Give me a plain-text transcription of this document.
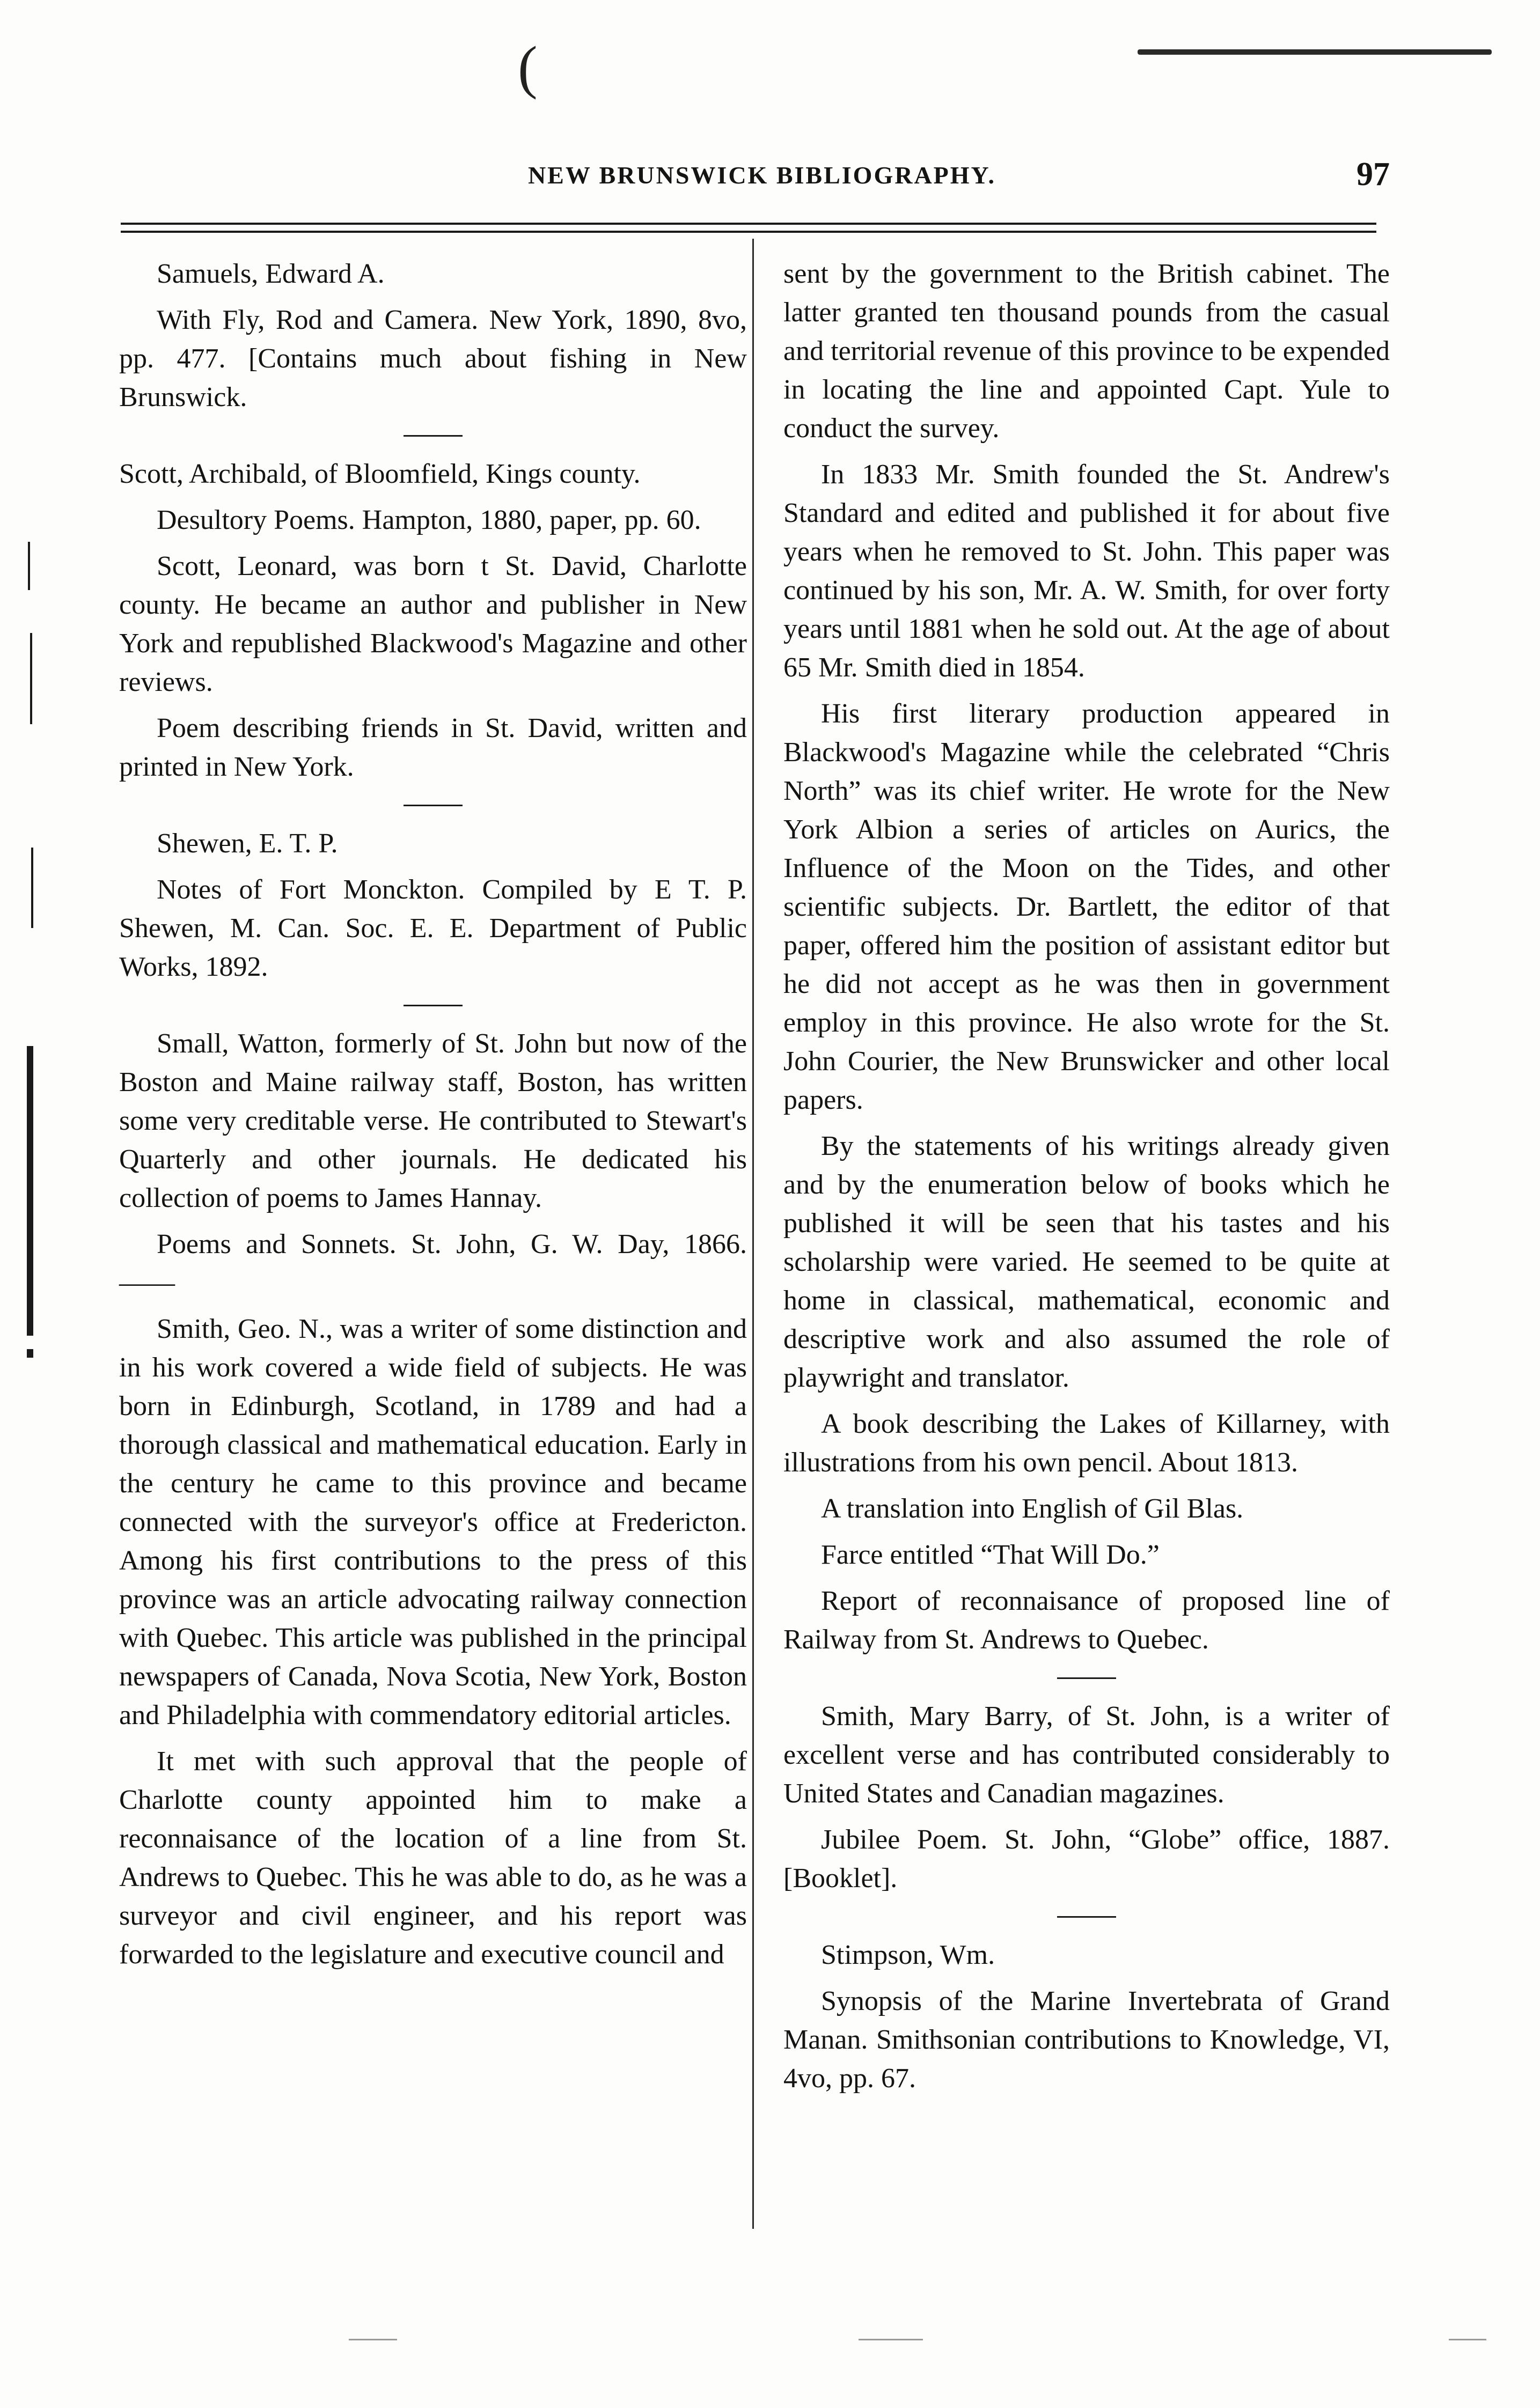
(
NEW BRUNSWICK BIBLIOGRAPHY.	97

Samuels, Edward A.

With Fly, Rod and Camera. New York, 1890, 8vo, pp. 477. [Contains much about fishing in New Brunswick.

Scott, Archibald, of Bloomfield, Kings county.

Desultory Poems. Hampton, 1880, paper, pp. 60.

Scott, Leonard, was born t St. David, Charlotte county. He became an author and publisher in New York and republished Blackwood's Magazine and other reviews.

Poem describing friends in St. David, written and printed in New York.

Shewen, E. T. P.

Notes of Fort Monckton. Compiled by E T. P. Shewen, M. Can. Soc. E. E. Department of Public Works, 1892.

Small, Watton, formerly of St. John but now of the Boston and Maine railway staff, Boston, has written some very creditable verse. He contributed to Stewart's Quarterly and other journals. He dedicated his collection of poems to James Hannay.

Poems and Sonnets. St. John, G. W. Day, 1866. ——

Smith, Geo. N., was a writer of some distinction and in his work covered a wide field of subjects. He was born in Edinburgh, Scotland, in 1789 and had a thorough classical and mathematical education. Early in the century he came to this province and became connected with the surveyor's office at Fredericton. Among his first contributions to the press of this province was an article advocating railway connection with Quebec. This article was published in the principal newspapers of Canada, Nova Scotia, New York, Boston and Philadelphia with commendatory editorial articles.

It met with such approval that the people of Charlotte county appointed him to make a reconnaisance of the location of a line from St. Andrews to Quebec. This he was able to do, as he was a surveyor and civil engineer, and his report was forwarded to the legislature and executive council and

sent by the government to the British cabinet. The latter granted ten thousand pounds from the casual and territorial revenue of this province to be expended in locating the line and appointed Capt. Yule to conduct the survey.

In 1833 Mr. Smith founded the St. Andrew's Standard and edited and published it for about five years when he removed to St. John. This paper was continued by his son, Mr. A. W. Smith, for over forty years until 1881 when he sold out. At the age of about 65 Mr. Smith died in 1854.

His first literary production appeared in Blackwood's Magazine while the celebrated “Chris North” was its chief writer. He wrote for the New York Albion a series of articles on Aurics, the Influence of the Moon on the Tides, and other scientific subjects. Dr. Bartlett, the editor of that paper, offered him the position of assistant editor but he did not accept as he was then in government employ in this province. He also wrote for the St. John Courier, the New Brunswicker and other local papers.

By the statements of his writings already given and by the enumeration below of books which he published it will be seen that his tastes and his scholarship were varied. He seemed to be quite at home in classical, mathematical, economic and descriptive work and also assumed the role of playwright and translator.

A book describing the Lakes of Killarney, with illustrations from his own pencil. About 1813.

A translation into English of Gil Blas.

Farce entitled “That Will Do.”

Report of reconnaisance of proposed line of Railway from St. Andrews to Quebec.

Smith, Mary Barry, of St. John, is a writer of excellent verse and has contributed considerably to United States and Canadian magazines.

Jubilee Poem. St. John, “Globe” office, 1887. [Booklet].

Stimpson, Wm.

Synopsis of the Marine Invertebrata of Grand Manan. Smithsonian contributions to Knowledge, VI, 4vo, pp. 67.
